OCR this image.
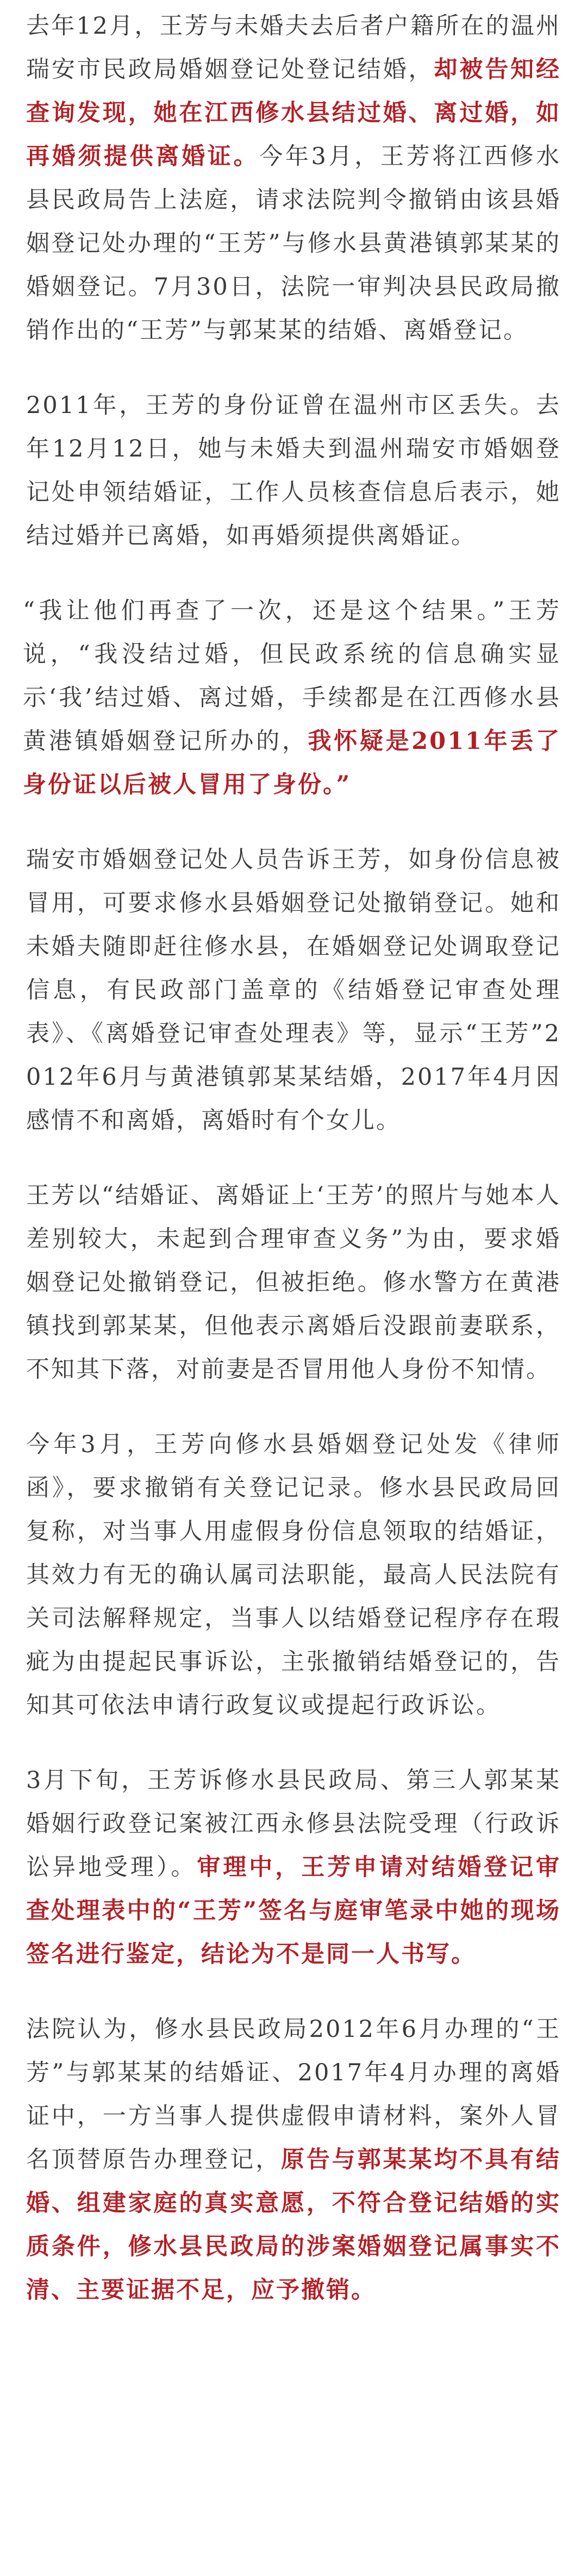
去年12月，王芳与未婚夫去后者户籍所在的温州瑞安市民政局婚姻登记处登记结婚，却被告知经查询发现，她在江西修水县结过婚、离过婚，如再婚须提供离婚证。今年3月，王芳将江西修水县民政局告上法庭，请求法院判令撤销由该县婚姻登记处办理的“王芳”与修水县黄港镇郭某某的婚姻登记。7月30日，法院一审判决县民政局撤销作出的“王芳”与郭某某的结婚、离婚登记。

2011年，王芳的身份证曾在温州市区丢失。去年12月12日，她与未婚夫到温州瑞安市婚姻登记处申领结婚证，工作人员核查信息后表示，她结过婚并已离婚，如再婚须提供离婚证。

“我让他们再查了一次，还是这个结果。”王芳说，“我没结过婚，但民政系统的信息确实显示‘我’结过婚、离过婚，手续都是在江西修水县黄港镇婚姻登记所办的，我怀疑是2011年丢了身份证以后被人冒用了身份。”

瑞安市婚姻登记处人员告诉王芳，如身份信息被冒用，可要求修水县婚姻登记处撤销登记。她和未婚夫随即赶往修水县，在婚姻登记处调取登记信息，有民政部门盖章的《结婚登记审查处理表》、《离婚登记审查处理表》等，显示“王芳”2012年6月与黄港镇郭某某结婚，2017年4月因感情不和离婚，离婚时有个女儿。

王芳以“结婚证、离婚证上‘王芳’的照片与她本人差别较大，未起到合理审查义务”为由，要求婚姻登记处撤销登记，但被拒绝。修水警方在黄港镇找到郭某某，但他表示离婚后没跟前妻联系，不知其下落，对前妻是否冒用他人身份不知情。

今年3月，王芳向修水县婚姻登记处发《律师函》，要求撤销有关登记记录。修水县民政局回复称，对当事人用虚假身份信息领取的结婚证，其效力有无的确认属司法职能，最高人民法院有关司法解释规定，当事人以结婚登记程序存在瑕疵为由提起民事诉讼，主张撤销结婚登记的，告知其可依法申请行政复议或提起行政诉讼。

3月下旬，王芳诉修水县民政局、第三人郭某某婚姻行政登记案被江西永修县法院受理（行政诉讼异地受理）。审理中，王芳申请对结婚登记审查处理表中的“王芳”签名与庭审笔录中她的现场签名进行鉴定，结论为不是同一人书写。

法院认为，修水县民政局2012年6月办理的“王芳”与郭某某的结婚证、2017年4月办理的离婚证中，一方当事人提供虚假申请材料，案外人冒名顶替原告办理登记，原告与郭某某均不具有结婚、组建家庭的真实意愿，不符合登记结婚的实质条件，修水县民政局的涉案婚姻登记属事实不清、主要证据不足，应予撤销。
